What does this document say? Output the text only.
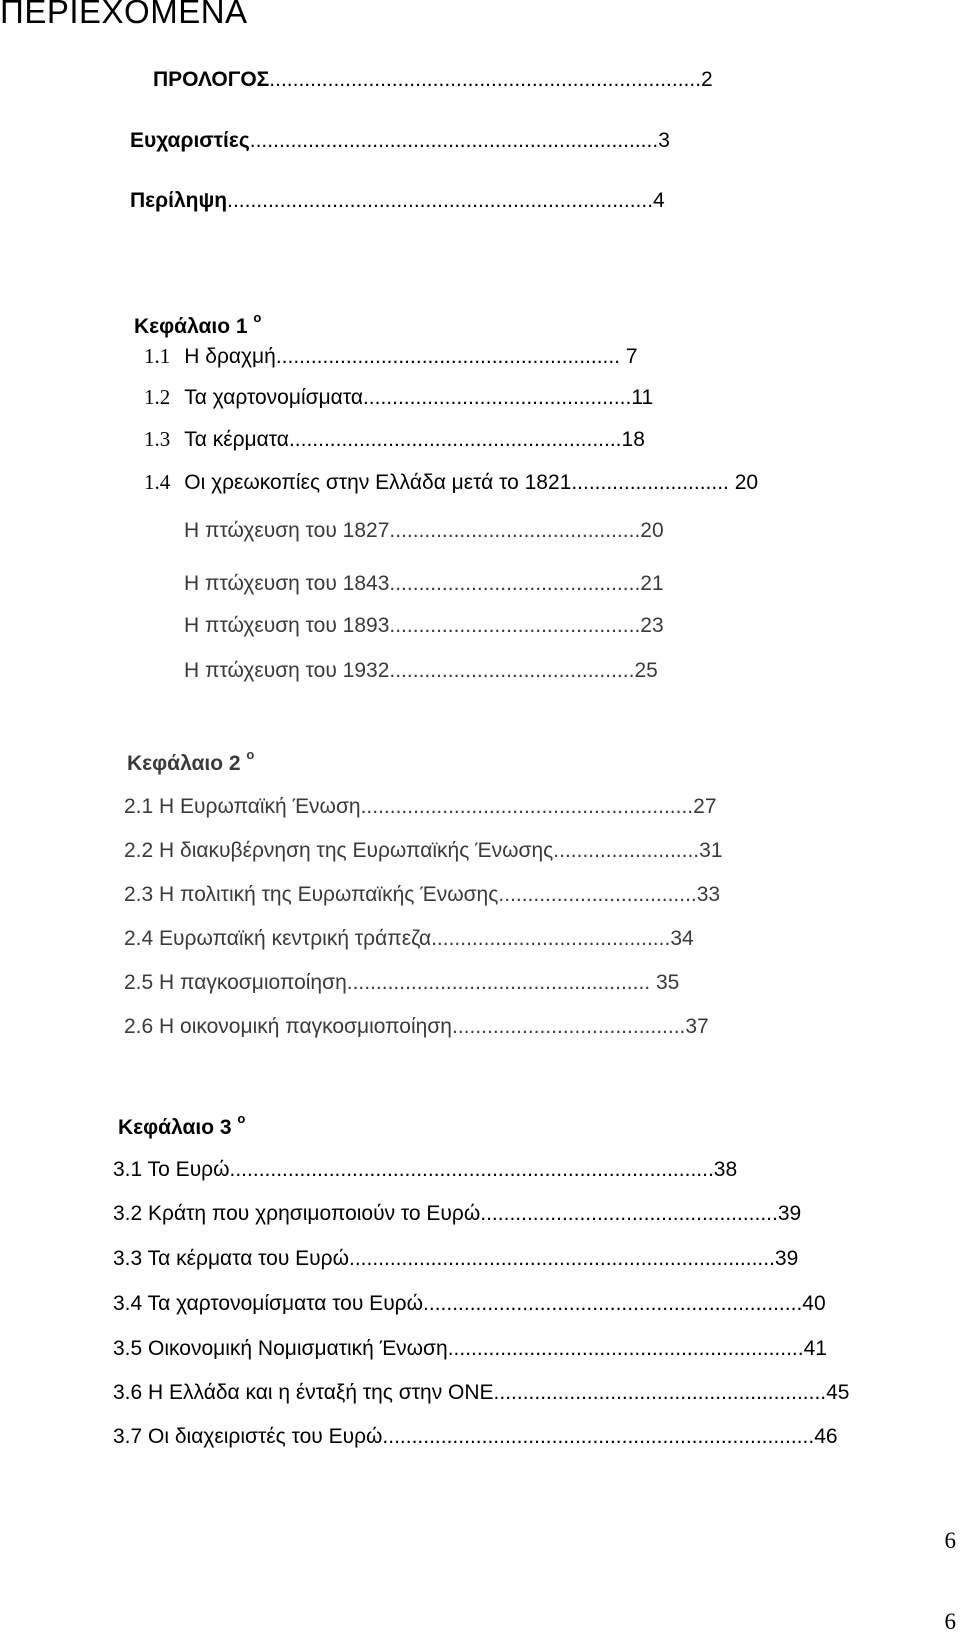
ΠΕΡΙΕΧΟΜΕΝΑ
ΠΡΟΛΟΓΟΣ..........................................................................2
Ευχαριστίες......................................................................3
Περίληψη.........................................................................4
Κεφάλαιο 1 $^o$
1.1 Η δραχμή........................................................... 7
1.2 Τα χαρτονομίσματα..............................................11
1.3 Τα κέρματα.........................................................18
1.4 Οι χρεωκοπίες στην Ελλάδα μετά το 1821........................... 20
Η πτώχευση του 1827...........................................20
Η πτώχευση του 1843...........................................21
Η πτώχευση του 1893...........................................23
Η πτώχευση του 1932..........................................25
Κεφάλαιο 2 $^o$
2.1 Η Ευρωπαϊκή Ένωση.........................................................27
2.2 Η διακυβέρνηση της Ευρωπαϊκής Ένωσης.........................31
2.3 Η πολιτική της Ευρωπαϊκής Ένωσης..................................33
2.4 Ευρωπαϊκή κεντρική τράπεζα.........................................34
2.5 Η παγκοσμιοποίηση.................................................... 35
2.6 Η οικονομική παγκοσμιοποίηση........................................37
Κεφάλαιο 3 $^o$
3.1 Το Ευρώ...................................................................................38
3.2 Κράτη που χρησιμοποιούν το Ευρώ...................................................39
3.3 Τα κέρματα του Ευρώ.........................................................................39
3.4 Τα χαρτονομίσματα του Ευρώ.................................................................40
3.5 Οικονομική Νομισματική Ένωση.............................................................41
3.6 Η Ελλάδα και η ένταξή της στην ΟΝΕ.........................................................45
3.7 Οι διαχειριστές του Ευρώ..........................................................................46
6
6
